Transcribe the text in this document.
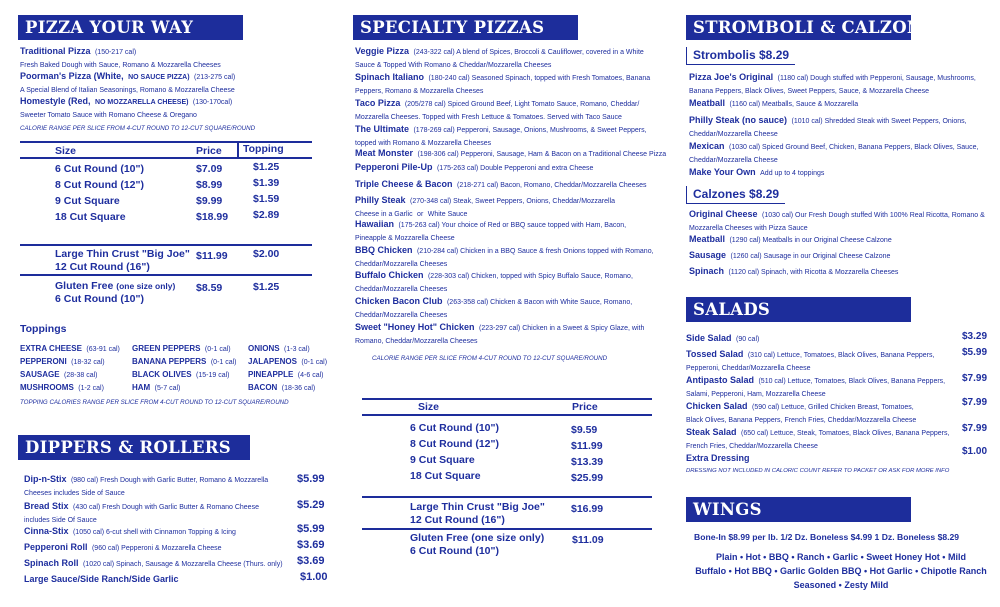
PIZZA YOUR WAY
Traditional Pizza (150-217 cal)
Fresh Baked Dough with Sauce, Romano & Mozzarella Cheeses
Poorman's Pizza (White, NO SAUCE PIZZA) (213-275 cal)
A Special Blend of Italian Seasonings, Romano & Mozzarella Cheese
Homestyle (Red, NO MOZZARELLA CHEESE) (130-170cal)
Sweeter Tomato Sauce with Romano Cheese & Oregano
CALORIE RANGE PER SLICE FROM 4-CUT ROUND TO 12-CUT SQUARE/ROUND
Size	Price Topping
6 Cut Round (10")	$7.09	$1.25
8 Cut Round (12")	$8.99	$1.39
9 Cut Square	$9.99	$1.59
18 Cut Square	$18.99 $2.89
Large Thin Crust "Big Joe"
12 Cut Round (16")
$11.99 $2.00
Gluten Free (one size only)
6 Cut Round (10")
$8.59	$1.25
Toppings
EXTRA CHEESE (63-91 cal)
PEPPERONI (18-32 cal)
SAUSAGE (28-38 cal)
MUSHROOMS (1-2 cal)
GREEN PEPPERS (0-1 cal)
BANANA PEPPERS (0-1 cal)
BLACK OLIVES (15-19 cal)
HAM (5-7 cal)
ONIONS (1-3 cal)
JALAPENOS (0-1 cal)
PINEAPPLE (4-6 cal)
BACON (18-36 cal)
TOPPING CALORIES RANGE PER SLICE FROM 4-CUT ROUND TO 12-CUT SQUARE/ROUND
DIPPERS & ROLLERS
Dip-n-Stix (980 cal) Fresh Dough with Garlic Butter, Romano & Mozzarella
Cheeses includes Side of Sauce
$5.99
Bread Stix (430 cal) Fresh Dough with Garlic Butter & Romano Cheese
includes Side Of Sauce
$5.29
Cinna-Stix (1050 cal) 6-cut shell with Cinnamon Topping & Icing	$5.99
Pepperoni Roll (960 cal) Pepperoni & Mozzarella Cheese	$3.69
Spinach Roll (1020 cal) Spinach, Sausage & Mozzarella Cheese (Thurs. only) $3.69
Large Sauce/Side Ranch/Side Garlic	$1.00
SPECIALTY PIZZAS
Veggie Pizza (243-322 cal) A blend of Spices, Broccoli & Cauliflower, covered in a White
Sauce & Topped With Romano & Cheddar/Mozzarella Cheeses
Spinach Italiano (180-240 cal) Seasoned Spinach, topped with Fresh Tomatoes, Banana
Peppers, Romano & Mozzarella Cheeses
Taco Pizza (205/278 cal) Spiced Ground Beef, Light Tomato Sauce, Romano, Cheddar/
Mozzarella Cheeses. Topped with Fresh Lettuce & Tomatoes. Served with Taco Sauce
The Ultimate (178-269 cal) Pepperoni, Sausage, Onions, Mushrooms, & Sweet Peppers,
topped with Romano & Mozzarella Cheeses
Meat Monster (198-306 cal) Pepperoni, Sausage, Ham & Bacon on a Traditional Cheese Pizza
Pepperoni Pile-Up (175-263 cal) Double Pepperoni and extra Cheese
Triple Cheese & Bacon (218-271 cal) Bacon, Romano, Cheddar/Mozzarella Cheeses
Philly Steak (270-348 cal) Steak, Sweet Peppers, Onions, Cheddar/Mozzarella
Cheese in a Garlic or White Sauce
Hawaiian (175-263 cal) Your choice of Red or BBQ sauce topped with Ham, Bacon,
Pineapple & Mozzarella Cheese
BBQ Chicken (210-284 cal) Chicken in a BBQ Sauce & fresh Onions topped with Romano,
Cheddar/Mozzarella Cheeses
Buffalo Chicken (228-303 cal) Chicken, topped with Spicy Buffalo Sauce, Romano,
Cheddar/Mozzarella Cheeses
Chicken Bacon Club (263-358 cal) Chicken & Bacon with White Sauce, Romano,
Cheddar/Mozzarella Cheeses
Sweet "Honey Hot" Chicken (223-297 cal) Chicken in a Sweet & Spicy Glaze, with
Romano, Cheddar/Mozzarella Cheeses
CALORIE RANGE PER SLICE FROM 4-CUT ROUND TO 12-CUT SQUARE/ROUND
Size	Price
6 Cut Round (10")	$9.59
8 Cut Round (12")	$11.99
9 Cut Square	$13.39
18 Cut Square	$25.99
Large Thin Crust "Big Joe"
12 Cut Round (16")
$16.99
Gluten Free (one size only)
6 Cut Round (10")
$11.09
STROMBOLI & CALZONES
Strombolis $8.29
Pizza Joe's Original (1180 cal) Dough stuffed with Pepperoni, Sausage, Mushrooms,
Banana Peppers, Black Olives, Sweet Peppers, Sauce, & Mozzarella Cheese
Meatball (1160 cal) Meatballs, Sauce & Mozzarella
Philly Steak (no sauce) (1010 cal) Shredded Steak with Sweet Peppers, Onions,
Cheddar/Mozzarella Cheese
Mexican (1030 cal) Spiced Ground Beef, Chicken, Banana Peppers, Black Olives, Sauce,
Cheddar/Mozzarella Cheese
Make Your Own Add up to 4 toppings
Calzones $8.29
Original Cheese (1030 cal) Our Fresh Dough stuffed With 100% Real Ricotta, Romano &
Mozzarella Cheeses with Pizza Sauce
Meatball (1290 cal) Meatballs in our Original Cheese Calzone
Sausage (1260 cal) Sausage in our Original Cheese Calzone
Spinach (1120 cal) Spinach, with Ricotta & Mozzarella Cheeses
SALADS
Side Salad (90 cal)	$3.29
Tossed Salad (310 cal) Lettuce, Tomatoes, Black Olives, Banana Peppers,
Pepperoni, Cheddar/Mozzarella Cheese
$5.99
Antipasto Salad (510 cal) Lettuce, Tomatoes, Black Olives, Banana Peppers,
Salami, Pepperoni, Ham, Mozzarella Cheese
$7.99
Chicken Salad (590 cal) Lettuce, Grilled Chicken Breast, Tomatoes,
Black Olives, Banana Peppers, French Fries, Cheddar/Mozzarella Cheese
$7.99
Steak Salad (650 cal) Lettuce, Steak, Tomatoes, Black Olives, Banana Peppers,
French Fries, Cheddar/Mozzarella Cheese
$7.99
Extra Dressing
$1.00
DRESSING NOT INCLUDED IN CALORIC COUNT REFER TO PACKET OR ASK FOR MORE INFO
WINGS
Bone-In $8.99 per lb. 1/2 Dz. Boneless $4.99 1 Dz. Boneless $8.29
Plain • Hot • BBQ • Ranch • Garlic • Sweet Honey Hot • Mild
Buffalo • Hot BBQ • Garlic Golden BBQ • Hot Garlic • Chipotle Ranch
Seasoned • Zesty Mild
